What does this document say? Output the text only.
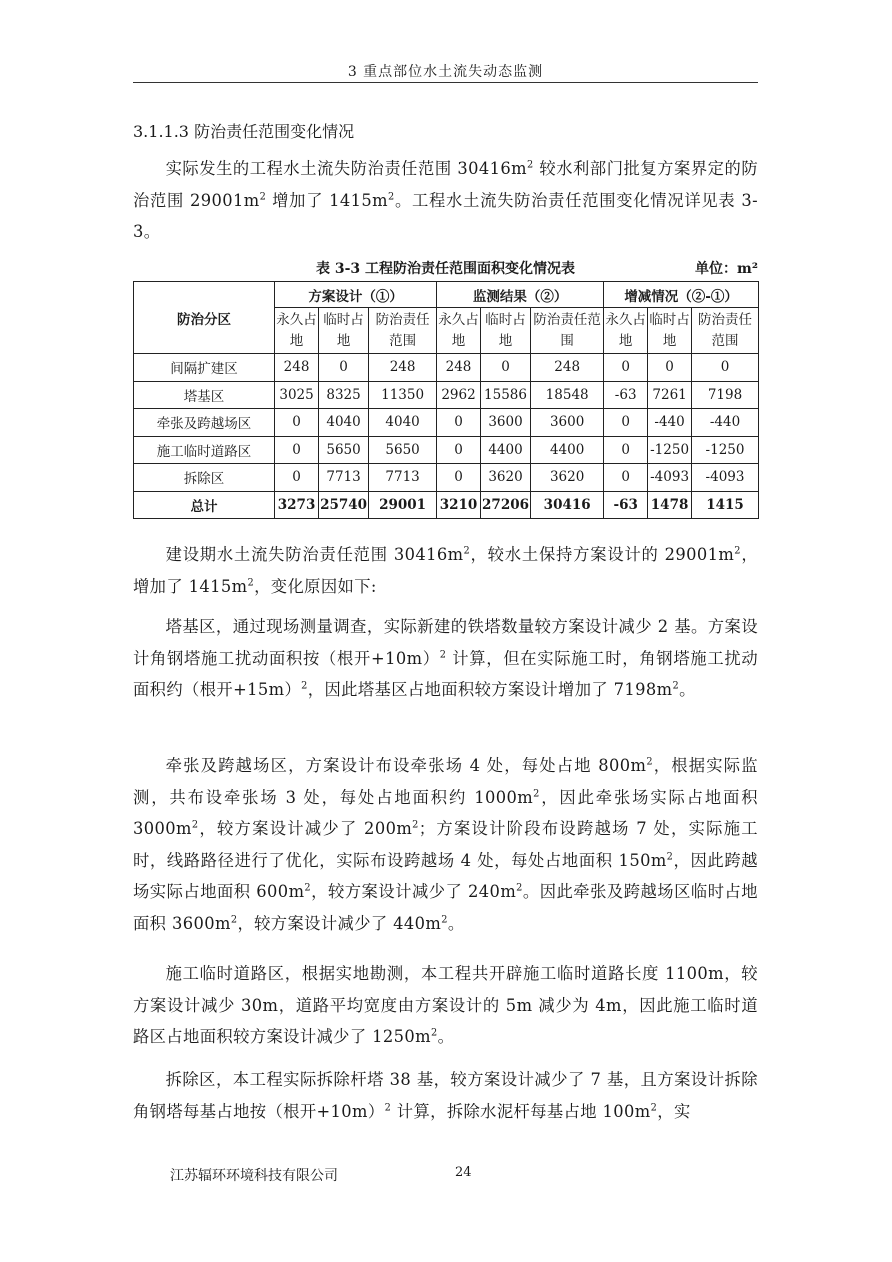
3 重点部位水土流失动态监测
3.1.1.3 防治责任范围变化情况

实际发生的工程水土流失防治责任范围 $30416m^2$ 较水利部门批复方案界定的防治范围 $29001m^2$ 增加了 $1415m^2$。工程水土流失防治责任范围变化情况详见表 3-3。

表 3-3 工程防治责任范围面积变化情况表	单位：m²
防治分区	方案设计（①）			监测结果（②）			增减情况（②-①）		
	永久占地	临时占地	防治责任范围	永久占地	临时占地	防治责任范围	永久占地	临时占地	防治责任范围
间隔扩建区	248	0	248	248	0	248	0	0	0
塔基区	3025	8325	11350	2962	15586	18548	-63	7261	7198
牵张及跨越场区	0	4040	4040	0	3600	3600	0	-440	-440
施工临时道路区	0	5650	5650	0	4400	4400	0	-1250	-1250
拆除区	0	7713	7713	0	3620	3620	0	-4093	-4093
总计	3273	25740	29001	3210	27206	30416	-63	1478	1415

建设期水土流失防治责任范围 $30416m^2$，较水土保持方案设计的 $29001m^2$，增加了 $1415m^2$，变化原因如下:

塔基区，通过现场测量调查，实际新建的铁塔数量较方案设计减少 2 基。方案设计角钢塔施工扰动面积按（根开+10m）$^2$ 计算，但在实际施工时，角钢塔施工扰动面积约（根开+15m）$^2$，因此塔基区占地面积较方案设计增加了 $7198m^2$。

牵张及跨越场区，方案设计布设牵张场 4 处，每处占地 $800m^2$，根据实际监测，共布设牵张场 3 处，每处占地面积约 $1000m^2$，因此牵张场实际占地面积 $3000m^2$，较方案设计减少了 $200m^2$；方案设计阶段布设跨越场 7 处，实际施工时，线路路径进行了优化，实际布设跨越场 4 处，每处占地面积 $150m^2$，因此跨越场实际占地面积 $600m^2$，较方案设计减少了 $240m^2$。因此牵张及跨越场区临时占地面积 $3600m^2$，较方案设计减少了 $440m^2$。

施工临时道路区，根据实地勘测，本工程共开辟施工临时道路长度 1100m，较方案设计减少 30m，道路平均宽度由方案设计的 5m 减少为 4m，因此施工临时道路区占地面积较方案设计减少了 $1250m^2$。

拆除区，本工程实际拆除杆塔 38 基，较方案设计减少了 7 基，且方案设计拆除角钢塔每基占地按（根开+10m）$^2$ 计算，拆除水泥杆每基占地 $100m^2$，实

江苏辐环环境科技有限公司	24
